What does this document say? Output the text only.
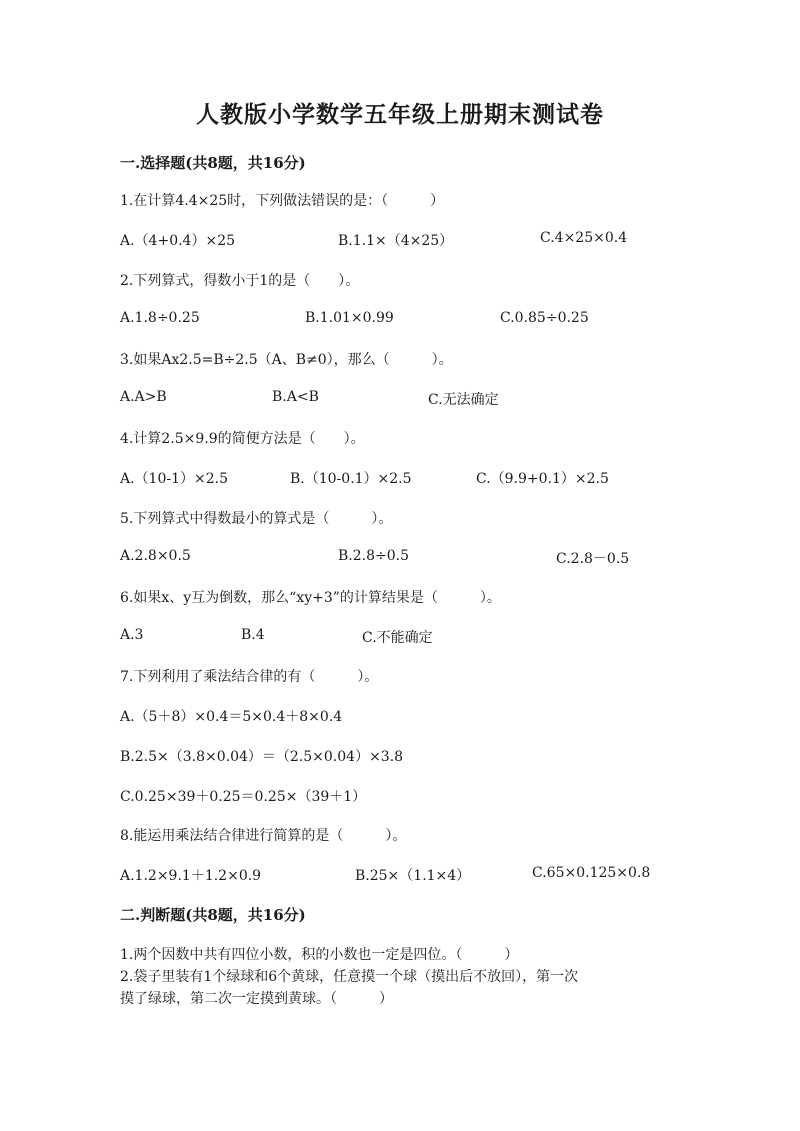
人教版小学数学五年级上册期末测试卷
一.选择题(共8题，共16分)
1.在计算4.4×25时，下列做法错误的是：（　　　）
A.（4+0.4）×25	B.1.1×（4×25）	C.4×25×0.4
2.下列算式，得数小于1的是（　　）。
A.1.8÷0.25	B.1.01×0.99	C.0.85÷0.25
3.如果Ax2.5=B÷2.5（A、B≠0），那么（　　　）。
A.A>B	B.A<B	C.无法确定
4.计算2.5×9.9的简便方法是（　　）。
A.（10-1）×2.5	B.（10-0.1）×2.5	C.（9.9+0.1）×2.5
5.下列算式中得数最小的算式是（　　　）。
A.2.8×0.5	B.2.8÷0.5	C.2.8－0.5
6.如果x、y互为倒数，那么“xy+3”的计算结果是（　　　）。
A.3	B.4	C.不能确定
7.下列利用了乘法结合律的有（　　　）。
A.（5＋8）×0.4＝5×0.4＋8×0.4
B.2.5×（3.8×0.04）＝（2.5×0.04）×3.8
C.0.25×39＋0.25＝0.25×（39＋1）
8.能运用乘法结合律进行简算的是（　　　）。
A.1.2×9.1＋1.2×0.9	B.25×（1.1×4）	C.65×0.125×0.8
二.判断题(共8题，共16分)
1.两个因数中共有四位小数，积的小数也一定是四位。（　　　）
2.袋子里装有1个绿球和6个黄球，任意摸一个球（摸出后不放回），第一次
摸了绿球，第二次一定摸到黄球。（　　　）
